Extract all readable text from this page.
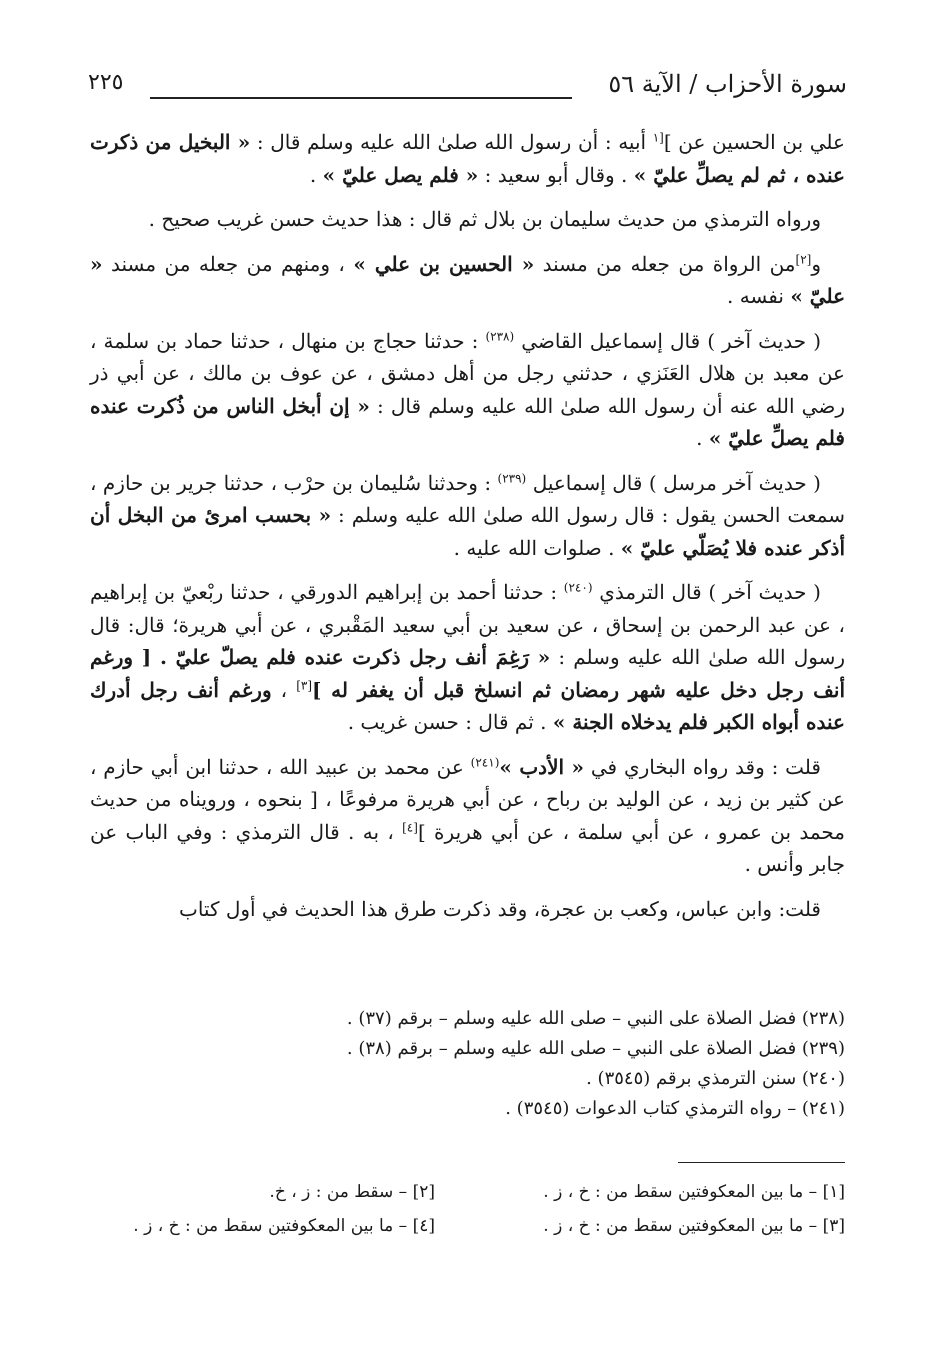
سورة الأحزاب / الآية ٥٦
٢٢٥

علي بن الحسين عن ]$^{[١}$ أبيه : أن رسول الله صلىٰ الله عليه وسلم قال : « البخيل من ذكرت عنده ، ثم لم يصلِّ عليّ » . وقال أبو سعيد : « فلم يصل عليّ » .

ورواه الترمذي من حديث سليمان بن بلال ثم قال : هذا حديث حسن غريب صحيح .

و[٢]من الرواة من جعله من مسند « الحسين بن علي » ، ومنهم من جعله من مسند « عليّ » نفسه .

( حديث آخر ) قال إسماعيل القاضي $^{(٢٣٨)}$ : حدثنا حجاج بن منهال ، حدثنا حماد بن سلمة ، عن معبد بن هلال العَنَزي ، حدثني رجل من أهل دمشق ، عن عوف بن مالك ، عن أبي ذر رضي الله عنه أن رسول الله صلىٰ الله عليه وسلم قال : « إن أبخل الناس من ذُكرت عنده فلم يصلِّ عليّ » .

( حديث آخر مرسل ) قال إسماعيل $^{(٢٣٩)}$ : وحدثنا سُليمان بن حرْب ، حدثنا جرير بن حازم ، سمعت الحسن يقول : قال رسول الله صلىٰ الله عليه وسلم : « بحسب امرئ من البخل أن أذكر عنده فلا يُصَلّي عليّ » . صلوات الله عليه .

( حديث آخر ) قال الترمذي $^{(٢٤٠)}$ : حدثنا أحمد بن إبراهيم الدورقي ، حدثنا ربْعيّ بن إبراهيم ، عن عبد الرحمن بن إسحاق ، عن سعيد بن أبي سعيد المَقْبري ، عن أبي هريرة؛ قال: قال رسول الله صلىٰ الله عليه وسلم : « رَغِمَ أنف رجل ذكرت عنده فلم يصلّ عليّ . [ ورغم أنف رجل دخل عليه شهر رمضان ثم انسلخ قبل أن يغفر له ][٣] ، ورغم أنف رجل أدرك عنده أبواه الكبر فلم يدخلاه الجنة » . ثم قال : حسن غريب .

قلت : وقد رواه البخاري في « الأدب »$^{(٢٤١)}$ عن محمد بن عبيد الله ، حدثنا ابن أبي حازم ، عن كثير بن زيد ، عن الوليد بن رباح ، عن أبي هريرة مرفوعًا ، [ بنحوه ، ورويناه من حديث محمد بن عمرو ، عن أبي سلمة ، عن أبي هريرة ][٤] ، به . قال الترمذي : وفي الباب عن جابر وأنس .

قلت: وابن عباس، وكعب بن عجرة، وقد ذكرت طرق هذا الحديث في أول كتاب

(٢٣٨) فضل الصلاة على النبي – صلى الله عليه وسلم – برقم (٣٧) .
(٢٣٩) فضل الصلاة على النبي – صلى الله عليه وسلم – برقم (٣٨) .
(٢٤٠) سنن الترمذي برقم (٣٥٤٥) .
(٢٤١) – رواه الترمذي كتاب الدعوات (٣٥٤٥) .
[١] – ما بين المعكوفتين سقط من : خ ، ز .
[٢] – سقط من : ز ، خ.
[٣] – ما بين المعكوفتين سقط من : خ ، ز .
[٤] – ما بين المعكوفتين سقط من : خ ، ز .
